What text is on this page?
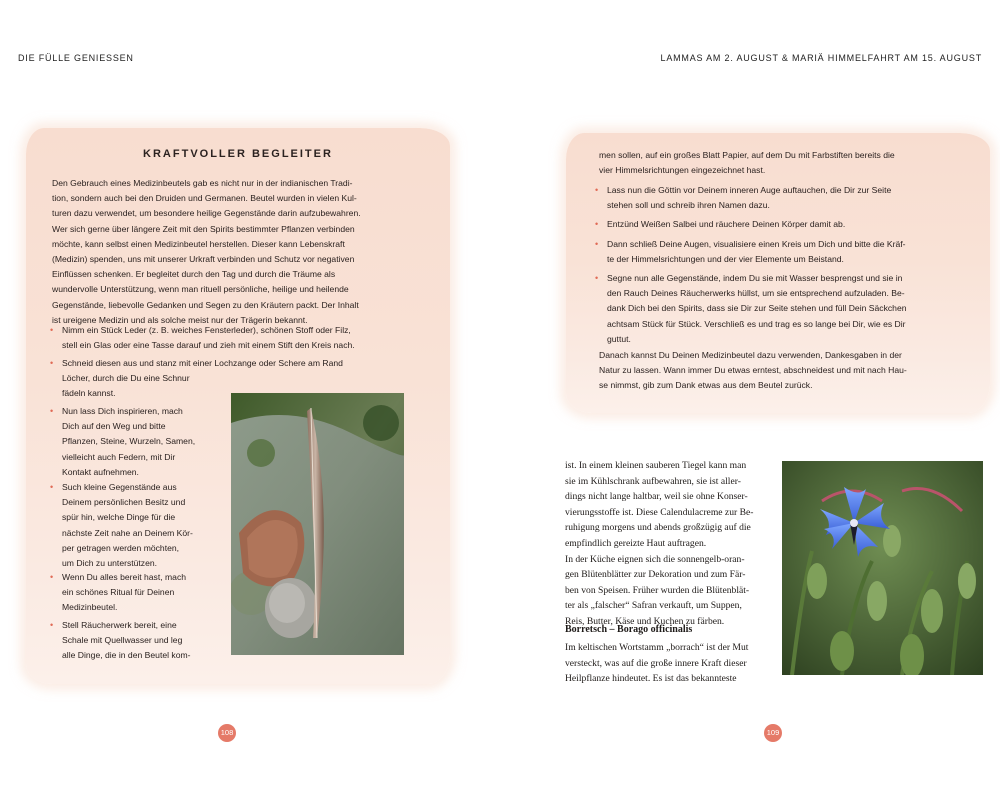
DIE FÜLLE GENIESSEN	LAMMAS AM 2. AUGUST & MARIÄ HIMMELFAHRT AM 15. AUGUST
KRAFTVOLLER BEGLEITER
Den Gebrauch eines Medizinbeutels gab es nicht nur in der indianischen Tradi-
tion, sondern auch bei den Druiden und Germanen. Beutel wurden in vielen Kul-
turen dazu verwendet, um besondere heilige Gegenstände darin aufzubewahren.
Wer sich gerne über längere Zeit mit den Spirits bestimmter Pflanzen verbinden
möchte, kann selbst einen Medizinbeutel herstellen. Dieser kann Lebenskraft
(Medizin) spenden, uns mit unserer Urkraft verbinden und Schutz vor negativen
Einflüssen schenken. Er begleitet durch den Tag und durch die Träume als
wundervolle Unterstützung, wenn man rituell persönliche, heilige und heilende
Gegenstände, liebevolle Gedanken und Segen zu den Kräutern packt. Der Inhalt
ist ureigene Medizin und als solche meist nur der Trägerin bekannt.
• Nimm ein Stück Leder (z. B. weiches Fensterleder), schönen Stoff oder Filz,
stell ein Glas oder eine Tasse darauf und zieh mit einem Stift den Kreis nach.
• Schneid diesen aus und stanz mit einer Lochzange oder Schere am Rand
Löcher, durch die Du eine Schnur
fädeln kannst.
• Nun lass Dich inspirieren, mach
Dich auf den Weg und bitte
Pflanzen, Steine, Wurzeln, Samen,
vielleicht auch Federn, mit Dir
Kontakt aufnehmen.
• Such kleine Gegenstände aus
Deinem persönlichen Besitz und
spür hin, welche Dinge für die
nächste Zeit nahe an Deinem Kör-
per getragen werden möchten,
um Dich zu unterstützen.
• Wenn Du alles bereit hast, mach
ein schönes Ritual für Deinen
Medizinbeutel.
• Stell Räucherwerk bereit, eine
Schale mit Quellwasser und leg
alle Dinge, die in den Beutel kom-
108
men sollen, auf ein großes Blatt Papier, auf dem Du mit Farbstiften bereits die
vier Himmelsrichtungen eingezeichnet hast.
• Lass nun die Göttin vor Deinem inneren Auge auftauchen, die Dir zur Seite
stehen soll und schreib ihren Namen dazu.
• Entzünd Weißen Salbei und räuchere Deinen Körper damit ab.
• Dann schließ Deine Augen, visualisiere einen Kreis um Dich und bitte die Kräf-
te der Himmelsrichtungen und der vier Elemente um Beistand.
• Segne nun alle Gegenstände, indem Du sie mit Wasser besprengst und sie in
den Rauch Deines Räucherwerks hüllst, um sie entsprechend aufzuladen. Be-
dank Dich bei den Spirits, dass sie Dir zur Seite stehen und füll Dein Säckchen
achtsam Stück für Stück. Verschließ es und trag es so lange bei Dir, wie es Dir
guttut.
Danach kannst Du Deinen Medizinbeutel dazu verwenden, Dankesgaben in der
Natur zu lassen. Wann immer Du etwas erntest, abschneidest und mit nach Hau-
se nimmst, gib zum Dank etwas aus dem Beutel zurück.
ist. In einem kleinen sauberen Tiegel kann man
sie im Kühlschrank aufbewahren, sie ist aller-
dings nicht lange haltbar, weil sie ohne Konser-
vierungsstoffe ist. Diese Calendulacreme zur Be-
ruhigung morgens und abends großzügig auf die
empfindlich gereizte Haut auftragen.
In der Küche eignen sich die sonnengelb-oran-
gen Blütenblätter zur Dekoration und zum Fär-
ben von Speisen. Früher wurden die Blütenblät-
ter als „falscher“ Safran verkauft, um Suppen,
Reis, Butter, Käse und Kuchen zu färben.
Borretsch – Borago officinalis
Im keltischen Wortstamm „borrach“ ist der Mut
versteckt, was auf die große innere Kraft dieser
Heilpflanze hindeutet. Es ist das bekannteste
109
